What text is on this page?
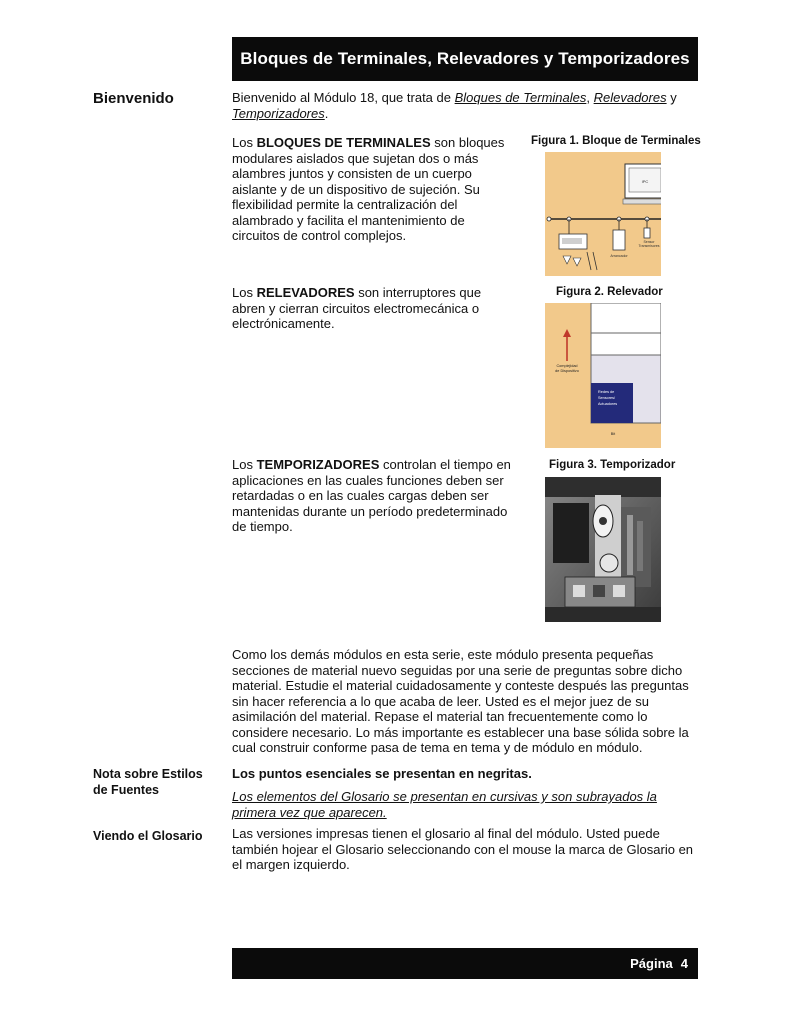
Bloques de Terminales, Relevadores y Temporizadores
Bienvenido	Bienvenido al Módulo 18, que trata de Bloques de Terminales, Relevadores y Temporizadores.
Los BLOQUES DE TERMINALES son bloques modulares aislados que sujetan dos o más alambres juntos y consisten de un cuerpo aislante y de un dispositivo de sujeción. Su flexibilidad permite la centralización del alambrado y facilita el mantenimiento de circuitos de control complejos.
Figura 1. Bloque de Terminales
IPC
Arrancador
Sensor
Transmisores
Los RELEVADORES son interruptores que abren y cierran circuitos electromecánica o electrónicamente.
Figura 2. Relevador
Redes de
Sensores/
Actuadores
Complejidad
de Dispositivo
Bit
Los TEMPORIZADORES controlan el tiempo en aplicaciones en las cuales funciones deben ser retardadas o en las cuales cargas deben ser mantenidas durante un período predeterminado de tiempo.
Figura 3. Temporizador
Como los demás módulos en esta serie, este módulo presenta pequeñas secciones de material nuevo seguidas por una serie de preguntas sobre dicho material. Estudie el material cuidadosamente y conteste después las preguntas sin hacer referencia a lo que acaba de leer. Usted es el mejor juez de su asimilación del material. Repase el material tan frecuentemente como lo considere necesario. Lo más importante es establecer una base sólida sobre la cual construir conforme pasa de tema en tema y de módulo en módulo.
Nota sobre Estilos de Fuentes
Los puntos esenciales se presentan en negritas.
Los elementos del Glosario se presentan en cursivas y son subrayados la primera vez que aparecen.
Viendo el Glosario	Las versiones impresas tienen el glosario al final del módulo. Usted puede también hojear el Glosario seleccionando con el mouse la marca de Glosario en el margen izquierdo.
Página 4
